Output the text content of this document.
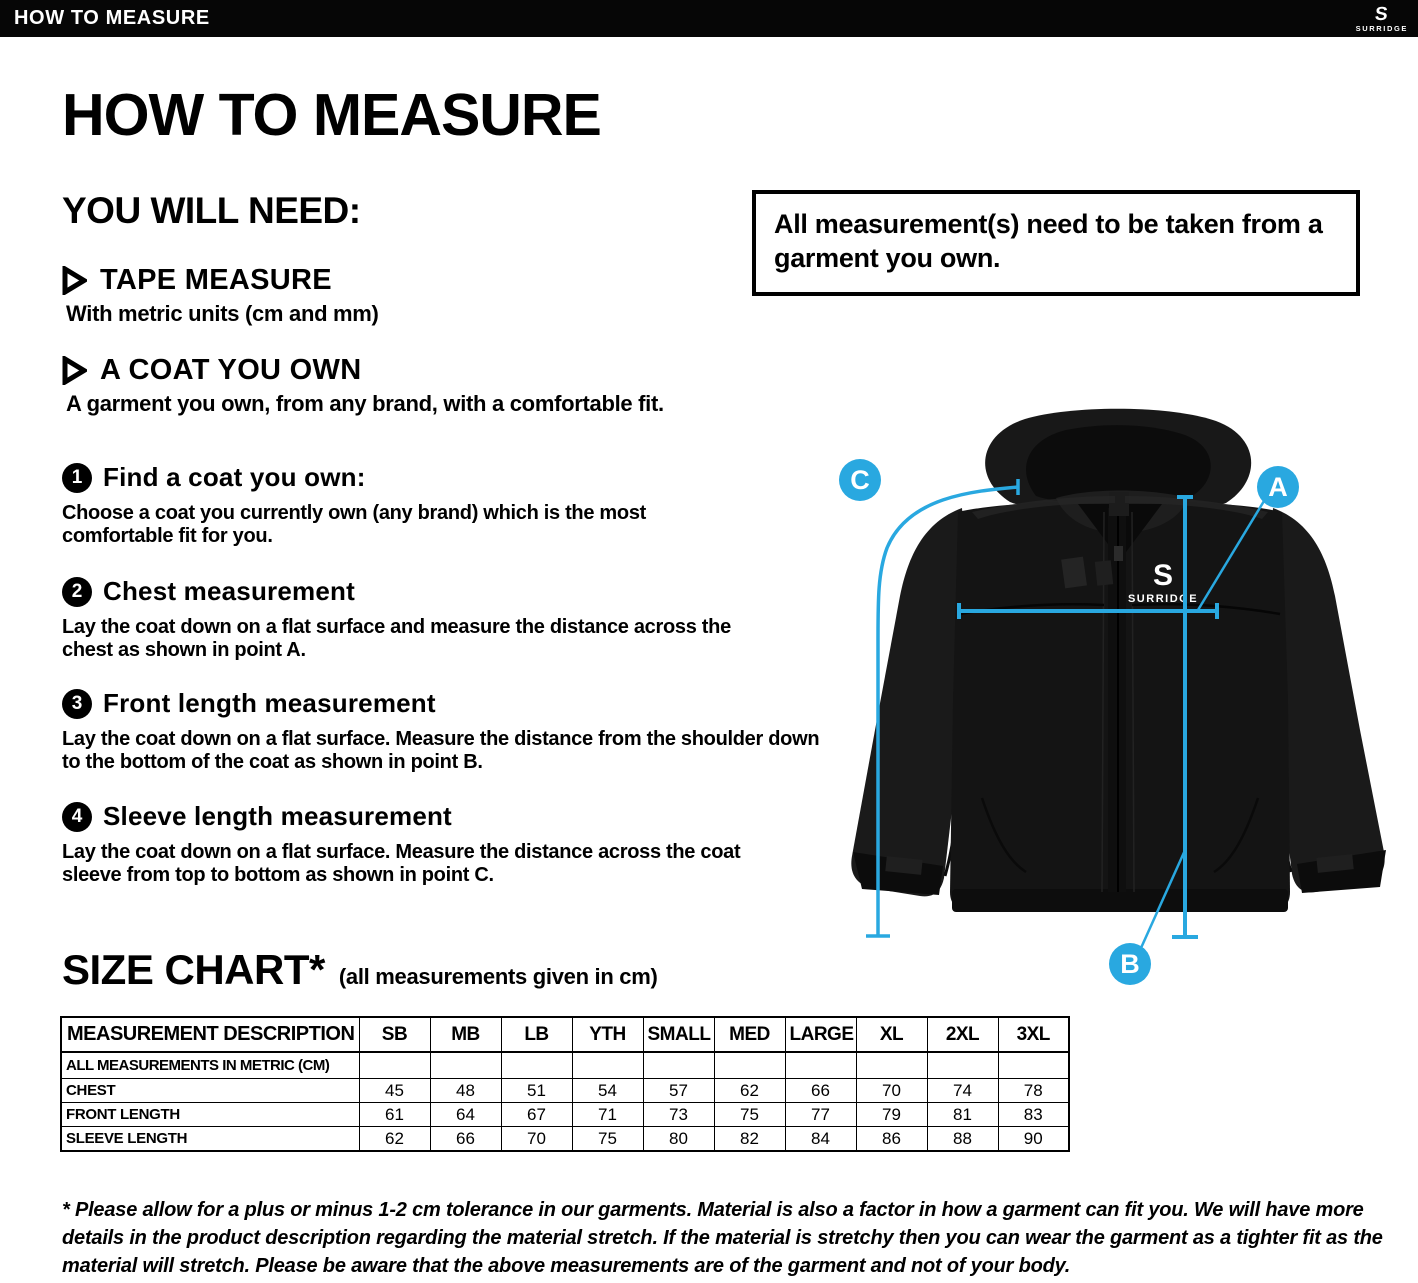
HOW TO MEASURE	S
SURRIDGE
HOW TO MEASURE
YOU WILL NEED:	All measurement(s) need to be taken from a garment you own.
TAPE MEASURE
With metric units (cm and mm)
A COAT YOU OWN
A garment you own, from any brand, with a comfortable fit.
1 Find a coat you own:
Choose a coat you currently own (any brand) which is the most comfortable fit for you.
2 Chest measurement
Lay the coat down on a flat surface and measure the distance across the chest as shown in point A.
3 Front length measurement
Lay the coat down on a flat surface. Measure the distance from the shoulder down to the bottom of the coat as shown in point B.
4 Sleeve length measurement
Lay the coat down on a flat surface. Measure the distance across the coat sleeve from top to bottom as shown in point C.
S
SURRIDGE
A
B
C
SIZE CHART* (all measurements given in cm)
MEASUREMENT DESCRIPTION	SB	MB	LB	YTH	SMALL	MED	LARGE	XL	2XL	3XL
ALL MEASUREMENTS IN METRIC (CM)										
CHEST	45	48	51	54	57	62	66	70	74	78
FRONT LENGTH	61	64	67	71	73	75	77	79	81	83
SLEEVE LENGTH	62	66	70	75	80	82	84	86	88	90
* Please allow for a plus or minus 1-2 cm tolerance in our garments. Material is also a factor in how a garment can fit you. We will have more details in the product description regarding the material stretch. If the material is stretchy then you can wear the garment as a tighter fit as the material will stretch. Please be aware that the above measurements are of the garment and not of your body.
